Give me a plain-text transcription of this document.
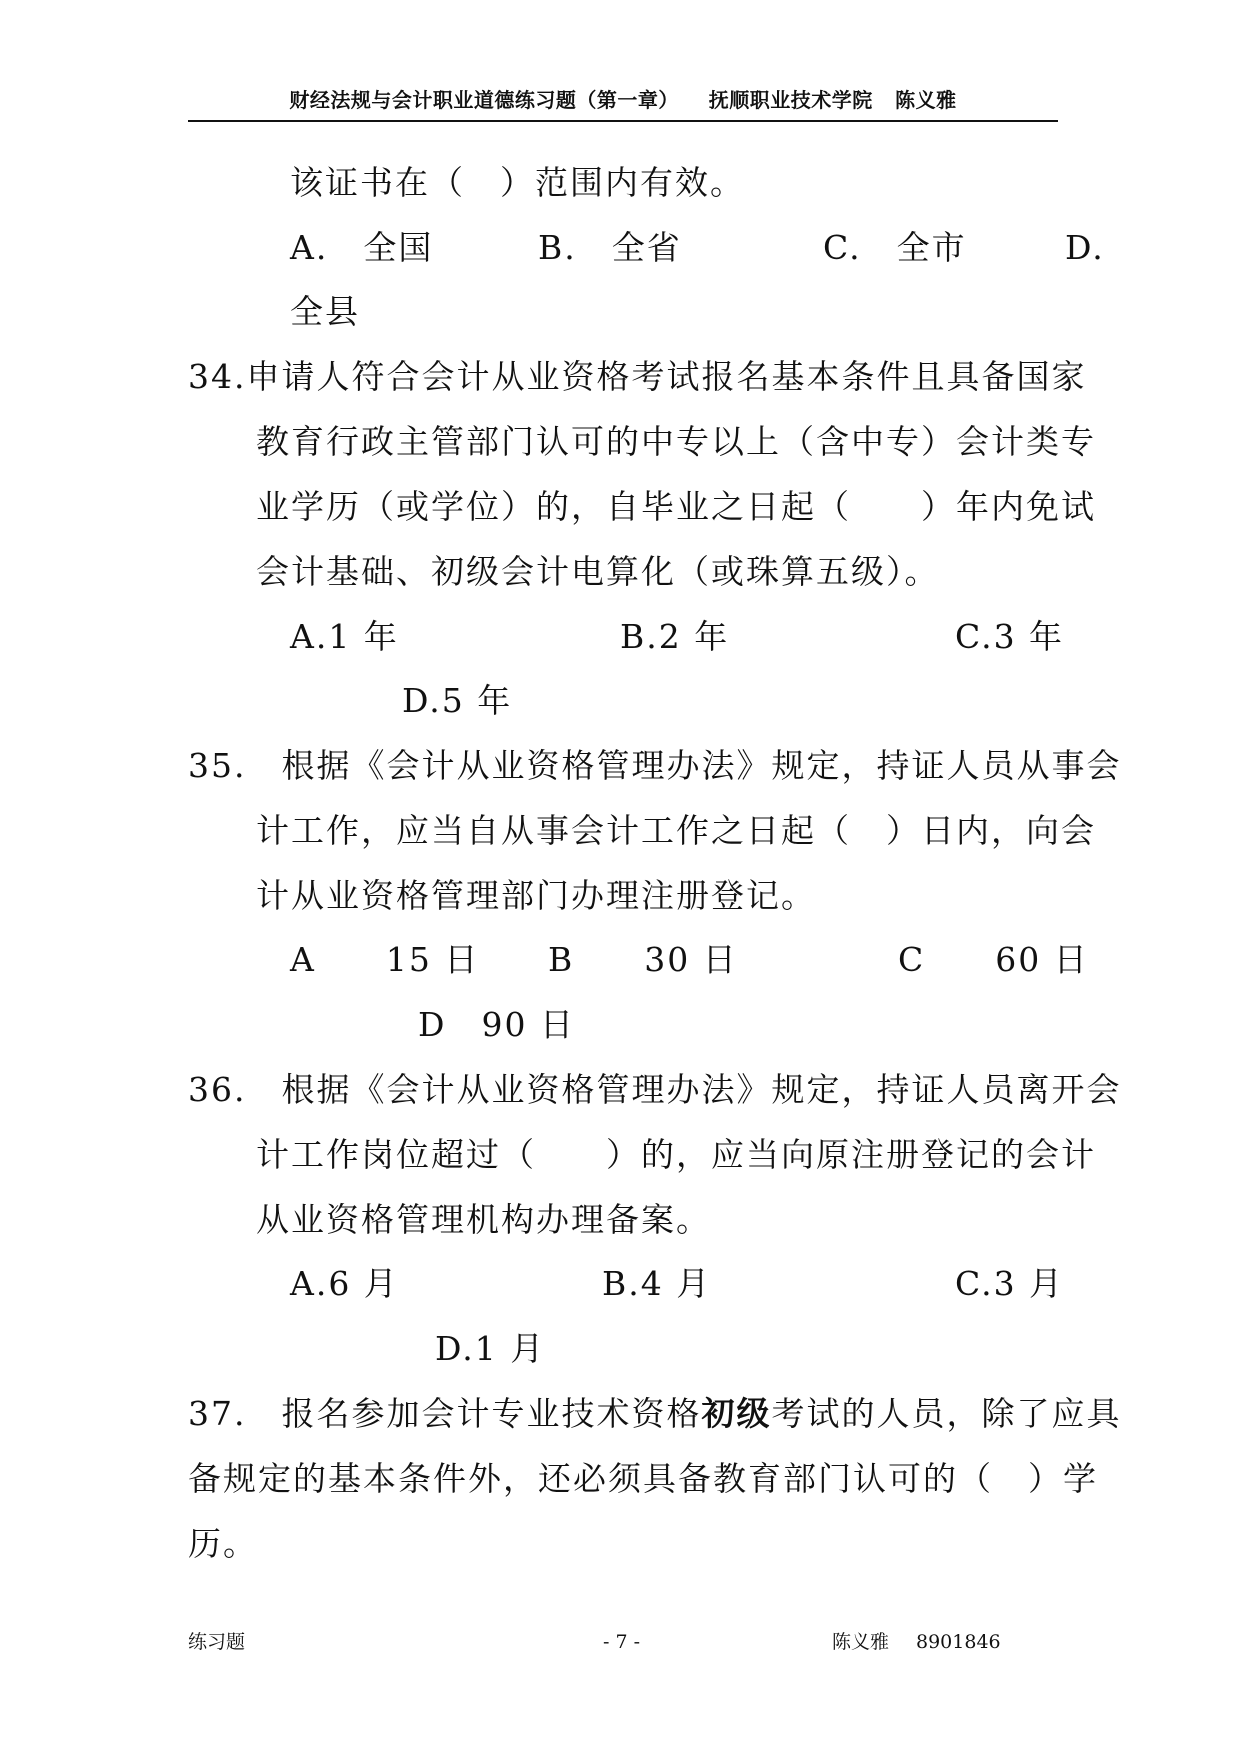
财经法规与会计职业道德练习题（第一章） 抚顺职业技术学院 陈义雅
该证书在（　）范围内有效。
A.　全国	B.　全省	C.　全市	D.
全县
34.申请人符合会计从业资格考试报名基本条件且具备国家
教育行政主管部门认可的中专以上（含中专）会计类专
业学历（或学位）的，自毕业之日起（　　）年内免试
会计基础、初级会计电算化（或珠算五级）。
A.1 年	B.2 年	C.3 年
D.5 年
35.　根据《会计从业资格管理办法》规定，持证人员从事会
计工作，应当自从事会计工作之日起（　）日内，向会
计从业资格管理部门办理注册登记。
A　　15 日 B　　30 日	C　　60 日
D　90 日
36.　根据《会计从业资格管理办法》规定，持证人员离开会
计工作岗位超过（　　）的，应当向原注册登记的会计
从业资格管理机构办理备案。
A.6 月	B.4 月	C.3 月
D.1 月
37.　报名参加会计专业技术资格初级考试的人员，除了应具
备规定的基本条件外，还必须具备教育部门认可的（　）学
历。
练习题	- 7 -	陈义雅 8901846
